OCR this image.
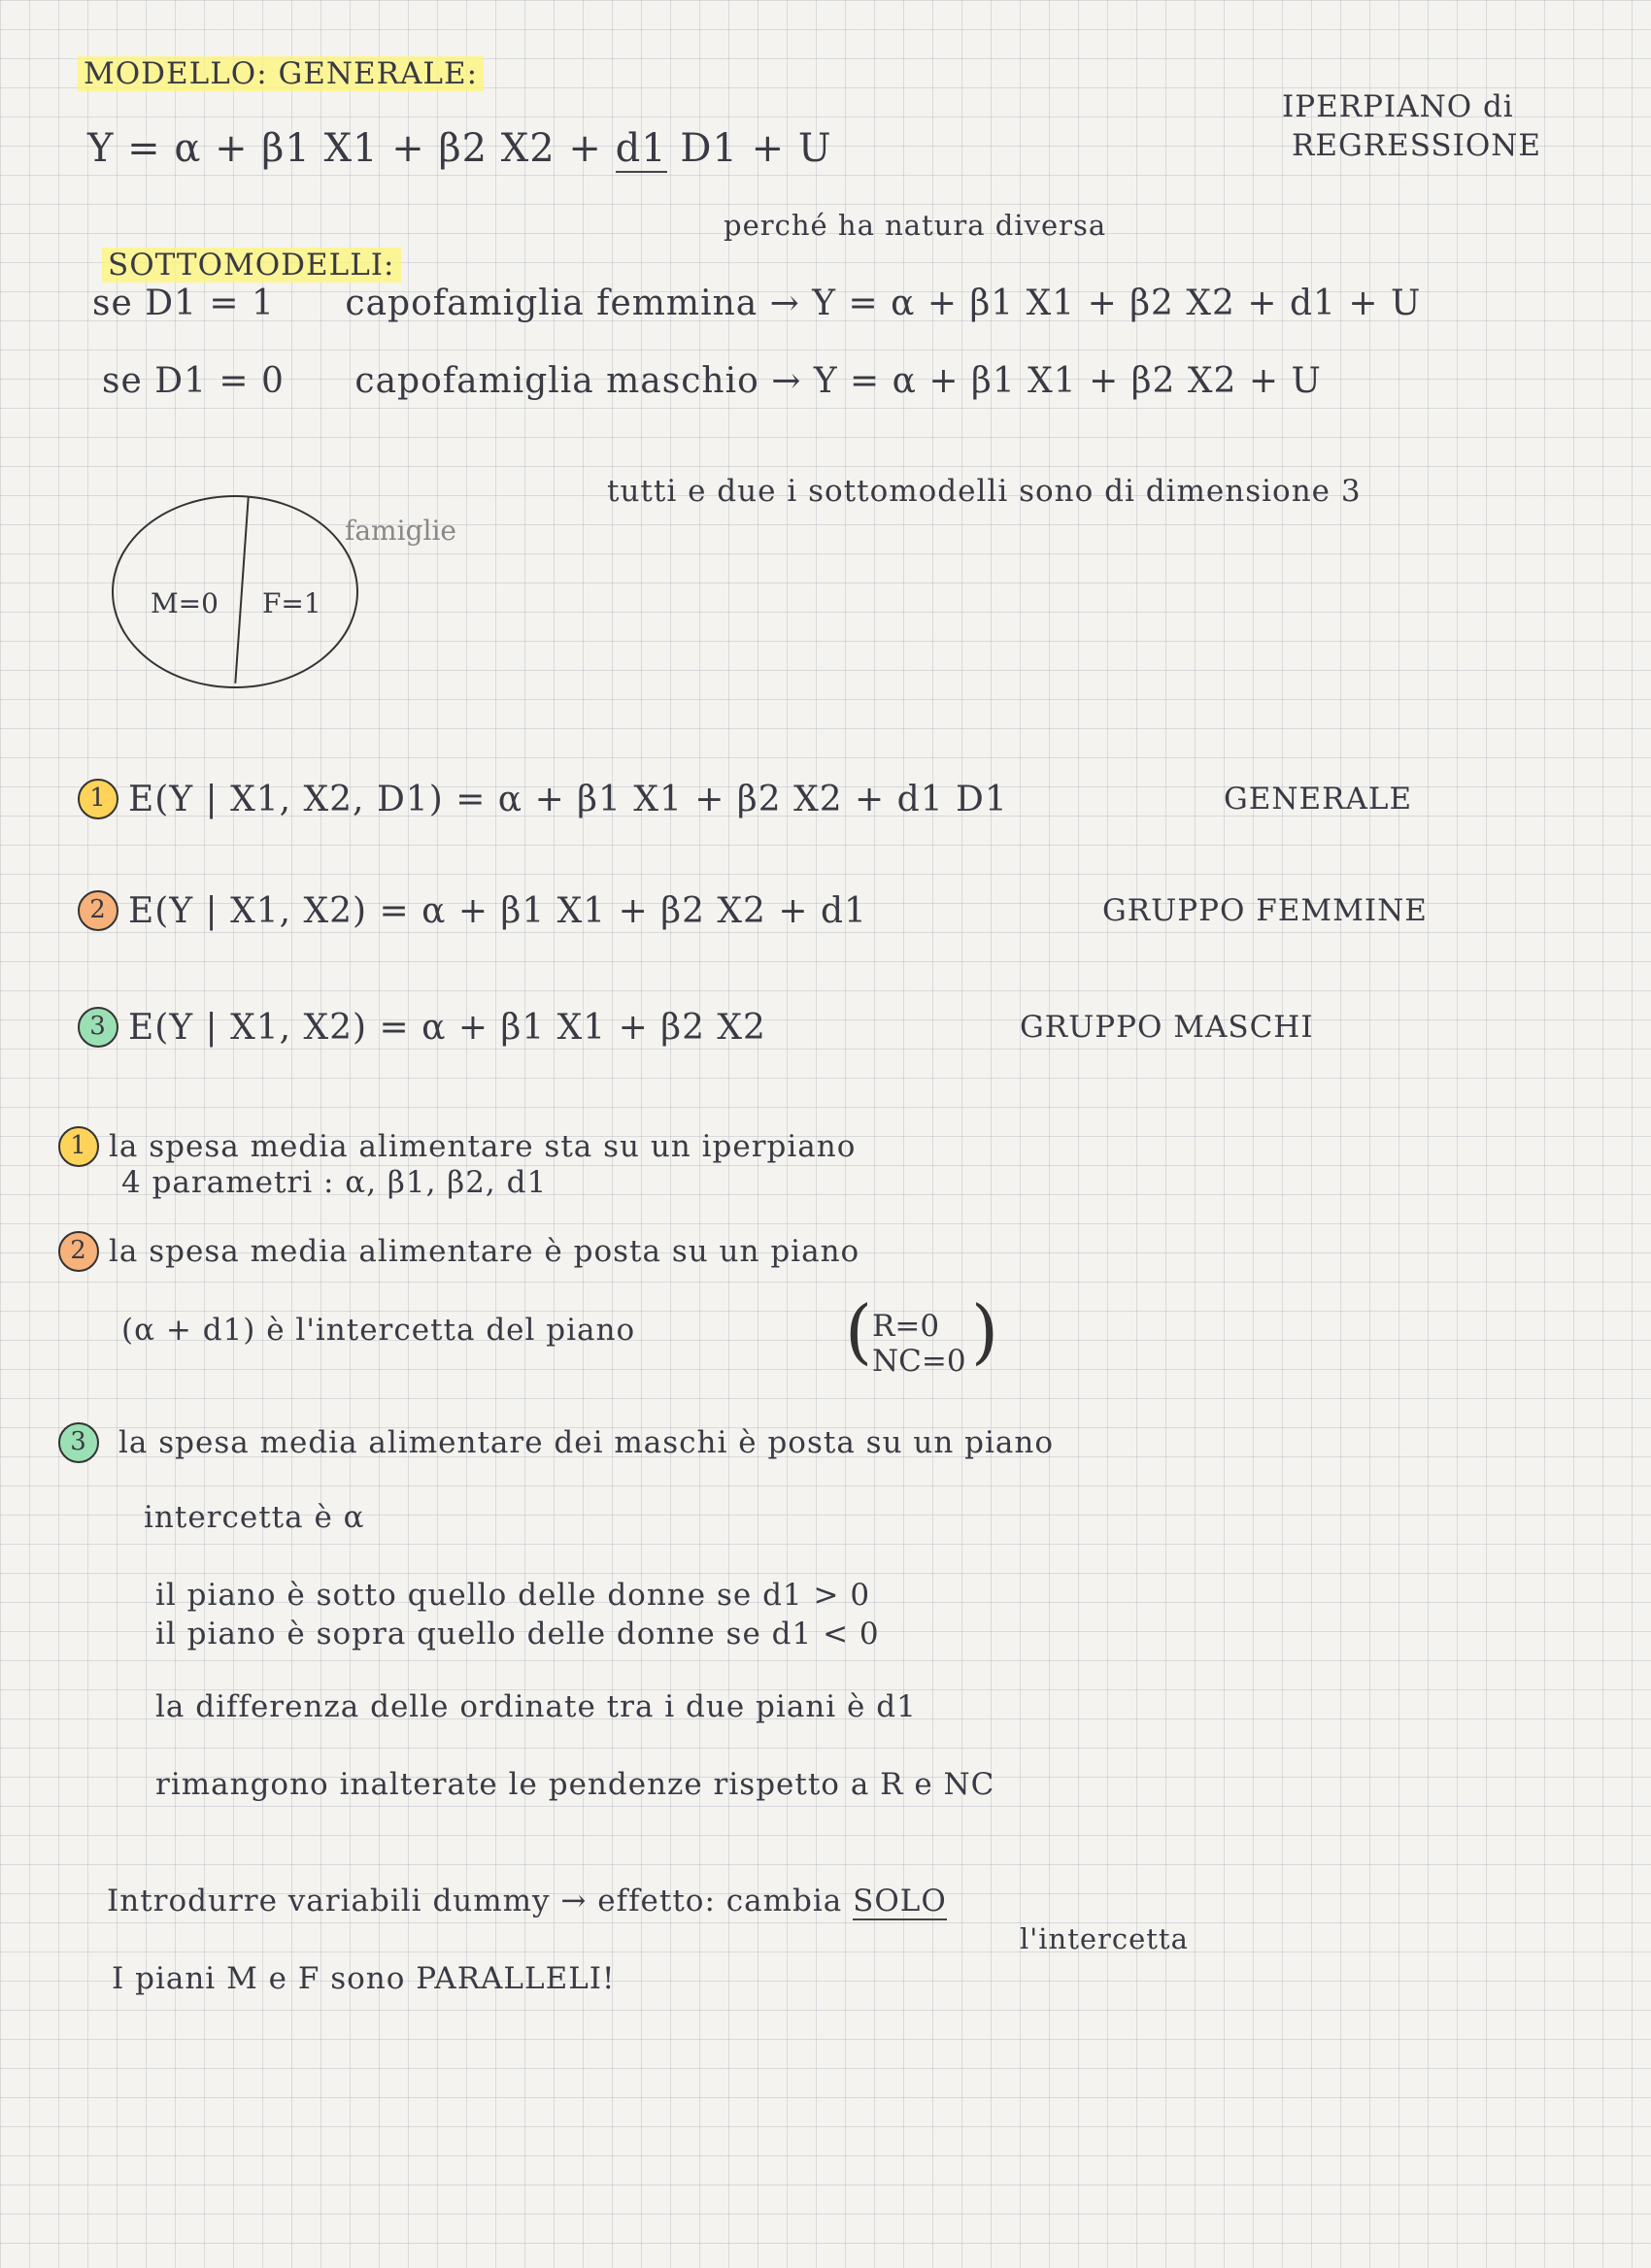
MODELLO: GENERALE:
IPERPIANO di
REGRESSIONE
Y = α + β1 X1 + β2 X2 + d1 D1 + U
perché ha natura diversa
SOTTOMODELLI:
se D1 = 1 capofamiglia femmina → Y = α + β1 X1 + β2 X2 + d1 + U
se D1 = 0 capofamiglia maschio → Y = α + β1 X1 + β2 X2 + U
tutti e due i sottomodelli sono di dimensione 3
famiglie
M=0 F=1
1 E(Y | X1, X2, D1) = α + β1 X1 + β2 X2 + d1 D1	GENERALE
2 E(Y | X1, X2) = α + β1 X1 + β2 X2 + d1	GRUPPO FEMMINE
3 E(Y | X1, X2) = α + β1 X1 + β2 X2	GRUPPO MASCHI
1 la spesa media alimentare sta su un iperpiano
4 parametri : α, β1, β2, d1
2 la spesa media alimentare è posta su un piano
(α + d1) è l'intercetta del piano	( R=0
NC=0 )
3 la spesa media alimentare dei maschi è posta su un piano
intercetta è α
il piano è sotto quello delle donne se d1 > 0
il piano è sopra quello delle donne se d1 < 0
la differenza delle ordinate tra i due piani è d1
rimangono inalterate le pendenze rispetto a R e NC
Introdurre variabili dummy → effetto: cambia SOLO
l'intercetta
I piani M e F sono PARALLELI!
